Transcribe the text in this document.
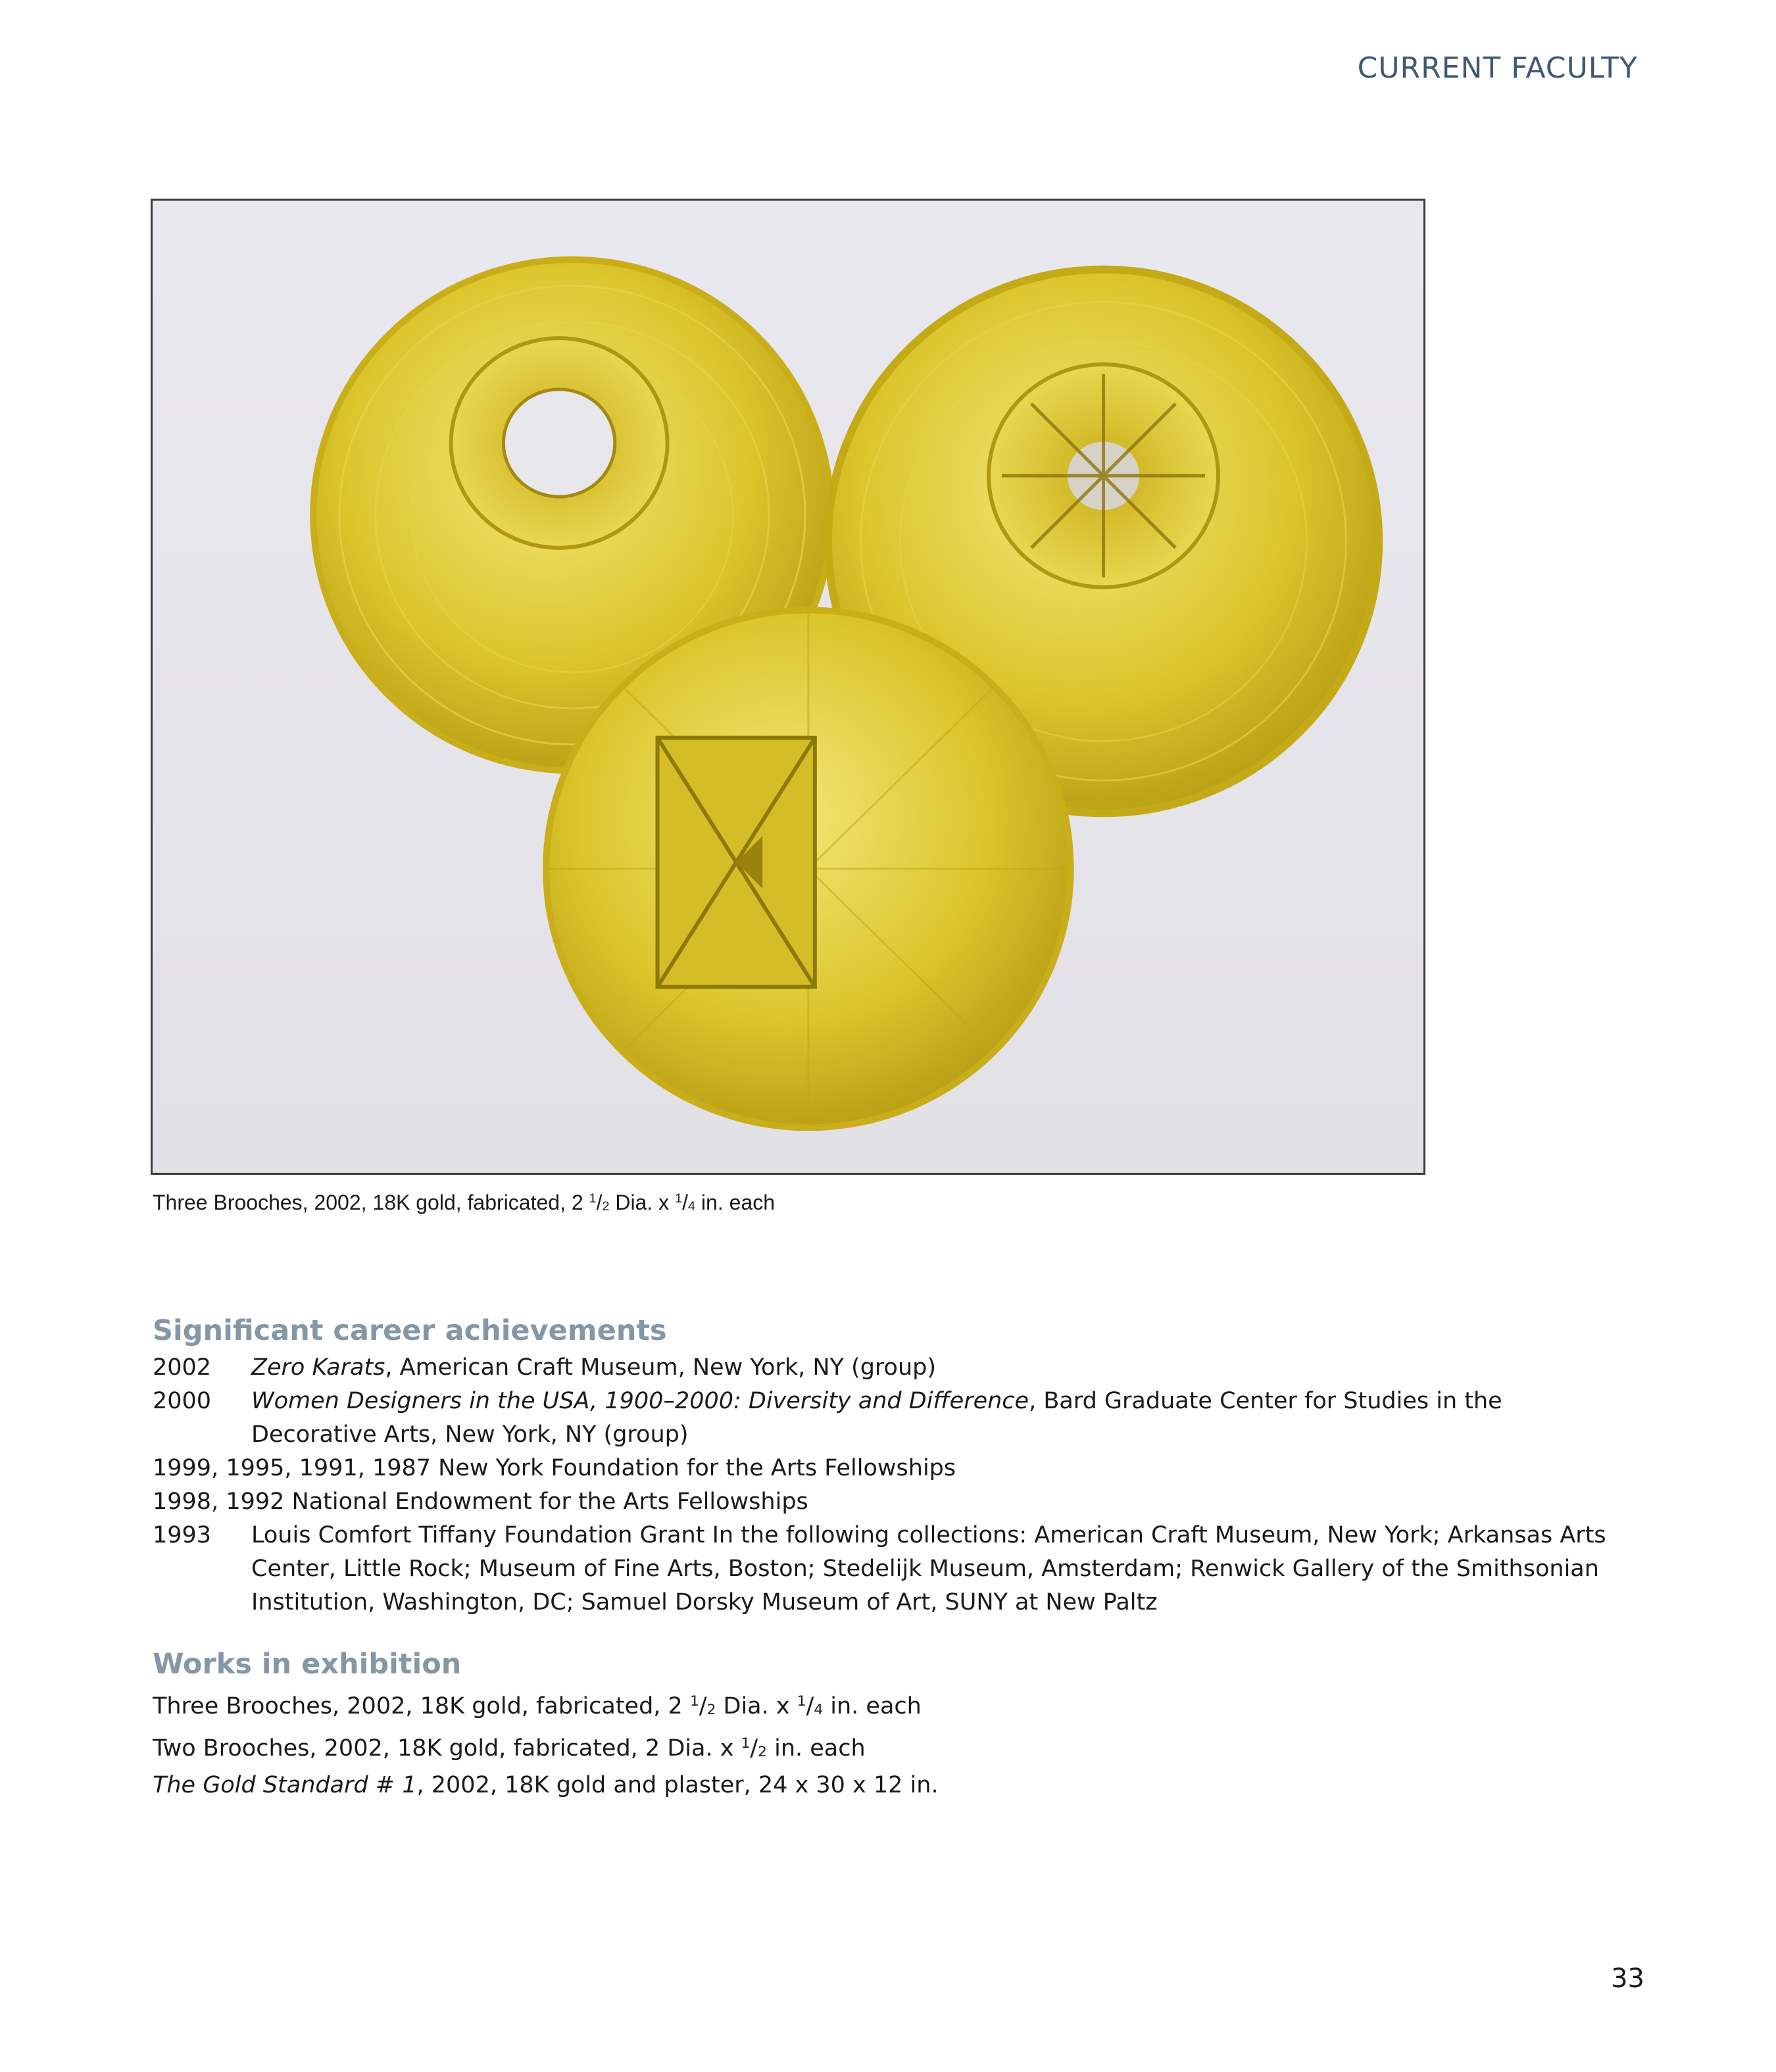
CURRENT FACULTY
Three Brooches, 2002, 18K gold, fabricated, 2 $^1/_2$ Dia. x $^1/_4$ in. each
Significant career achievements
2002	Zero Karats, American Craft Museum, New York, NY (group)
2000	Women Designers in the USA, 1900–2000: Diversity and Difference, Bard Graduate Center for Studies in the Decorative Arts, New York, NY (group)
1999, 1995, 1991, 1987 New York Foundation for the Arts Fellowships
1998, 1992 National Endowment for the Arts Fellowships
1993	Louis Comfort Tiffany Foundation Grant In the following collections: American Craft Museum, New York; Arkansas Arts Center, Little Rock; Museum of Fine Arts, Boston; Stedelijk Museum, Amsterdam; Renwick Gallery of the Smithsonian Institution, Washington, DC; Samuel Dorsky Museum of Art, SUNY at New Paltz
Works in exhibition
Three Brooches, 2002, 18K gold, fabricated, 2 $^1/_2$ Dia. x $^1/_4$ in. each
Two Brooches, 2002, 18K gold, fabricated, 2 Dia. x $^1/_2$ in. each
The Gold Standard # 1, 2002, 18K gold and plaster, 24 x 30 x 12 in.
33
